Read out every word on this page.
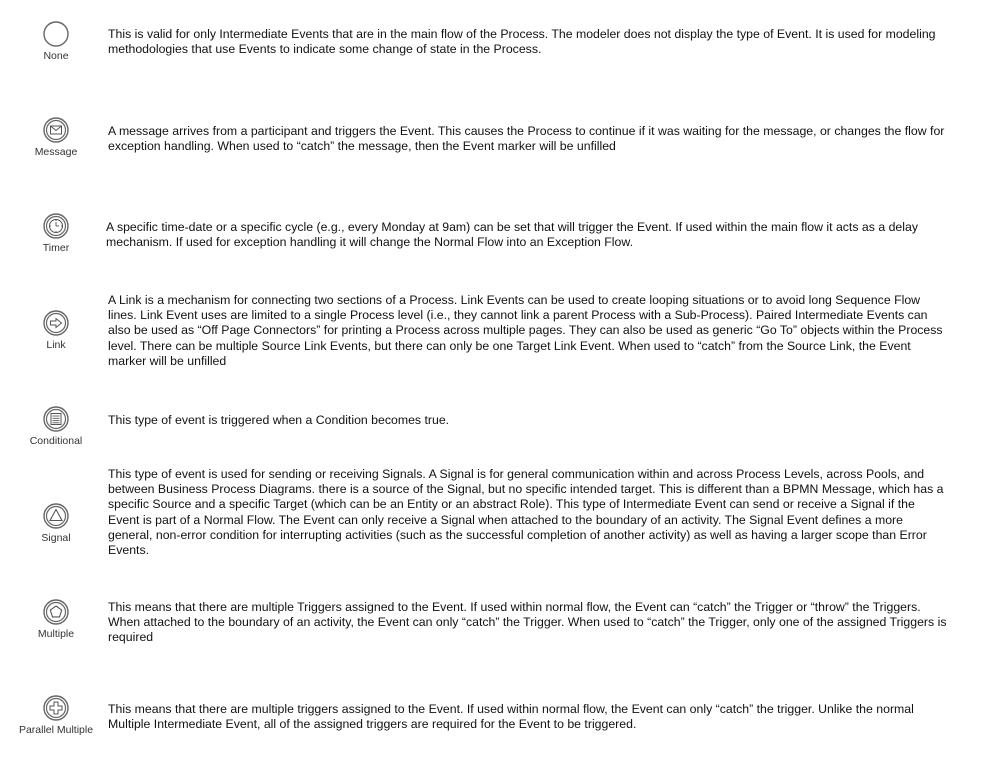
None

This is valid for only Intermediate Events that are in the main flow of the Process. The modeler does not display the type of Event. It is used for modeling methodologies that use Events to indicate some change of state in the Process.

Message

A message arrives from a participant and triggers the Event. This causes the Process to continue if it was waiting for the message, or changes the flow for exception handling. When used to “catch” the message, then the Event marker will be unfilled

Timer

A specific time-date or a specific cycle (e.g., every Monday at 9am) can be set that will trigger the Event. If used within the main flow it acts as a delay mechanism. If used for exception handling it will change the Normal Flow into an Exception Flow.

Link

A Link is a mechanism for connecting two sections of a Process. Link Events can be used to create looping situations or to avoid long Sequence Flow lines. Link Event uses are limited to a single Process level (i.e., they cannot link a parent Process with a Sub-Process). Paired Intermediate Events can also be used as “Off Page Connectors” for printing a Process across multiple pages. They can also be used as generic “Go To” objects within the Process level. There can be multiple Source Link Events, but there can only be one Target Link Event. When used to “catch” from the Source Link, the Event marker will be unfilled

Conditional

This type of event is triggered when a Condition becomes true.

Signal

This type of event is used for sending or receiving Signals. A Signal is for general communication within and across Process Levels, across Pools, and between Business Process Diagrams. there is a source of the Signal, but no specific intended target. This is different than a BPMN Message, which has a specific Source and a specific Target (which can be an Entity or an abstract Role). This type of Intermediate Event can send or receive a Signal if the Event is part of a Normal Flow. The Event can only receive a Signal when attached to the boundary of an activity. The Signal Event defines a more general, non-error condition for interrupting activities (such as the successful completion of another activity) as well as having a larger scope than Error Events.

Multiple

This means that there are multiple Triggers assigned to the Event. If used within normal flow, the Event can “catch” the Trigger or “throw” the Triggers. When attached to the boundary of an activity, the Event can only “catch” the Trigger. When used to “catch” the Trigger, only one of the assigned Triggers is required

Parallel Multiple

This means that there are multiple triggers assigned to the Event. If used within normal flow, the Event can only “catch” the trigger. Unlike the normal Multiple Intermediate Event, all of the assigned triggers are required for the Event to be triggered.
